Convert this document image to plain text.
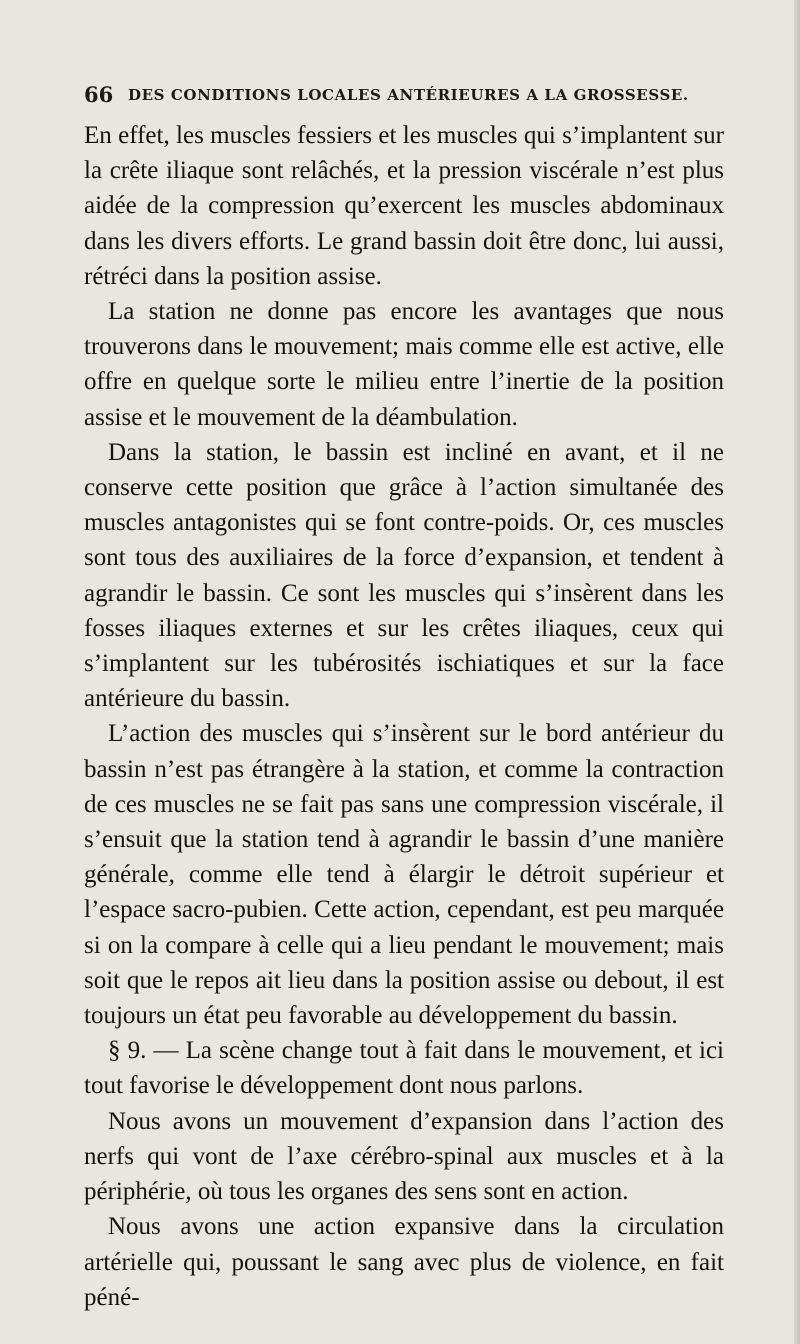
66 DES CONDITIONS LOCALES ANTÉRIEURES A LA GROSSESSE.

En effet, les muscles fessiers et les muscles qui s’implantent sur la crête iliaque sont relâchés, et la pression viscérale n’est plus aidée de la compression qu’exercent les muscles abdominaux dans les divers efforts. Le grand bassin doit être donc, lui aussi, rétréci dans la position assise.

La station ne donne pas encore les avantages que nous trouverons dans le mouvement; mais comme elle est active, elle offre en quelque sorte le milieu entre l’inertie de la position assise et le mouvement de la déambulation.

Dans la station, le bassin est incliné en avant, et il ne conserve cette position que grâce à l’action simultanée des muscles antagonistes qui se font contre-poids. Or, ces muscles sont tous des auxiliaires de la force d’expansion, et tendent à agrandir le bassin. Ce sont les muscles qui s’insèrent dans les fosses iliaques externes et sur les crêtes iliaques, ceux qui s’implantent sur les tubérosités ischiatiques et sur la face antérieure du bassin.

L’action des muscles qui s’insèrent sur le bord antérieur du bassin n’est pas étrangère à la station, et comme la contraction de ces muscles ne se fait pas sans une compression viscérale, il s’ensuit que la station tend à agrandir le bassin d’une manière générale, comme elle tend à élargir le détroit supérieur et l’espace sacro-pubien. Cette action, cependant, est peu marquée si on la compare à celle qui a lieu pendant le mouvement; mais soit que le repos ait lieu dans la position assise ou debout, il est toujours un état peu favorable au développement du bassin.

§ 9. — La scène change tout à fait dans le mouvement, et ici tout favorise le développement dont nous parlons.

Nous avons un mouvement d’expansion dans l’action des nerfs qui vont de l’axe cérébro-spinal aux muscles et à la périphérie, où tous les organes des sens sont en action.

Nous avons une action expansive dans la circulation artérielle qui, poussant le sang avec plus de violence, en fait péné-
